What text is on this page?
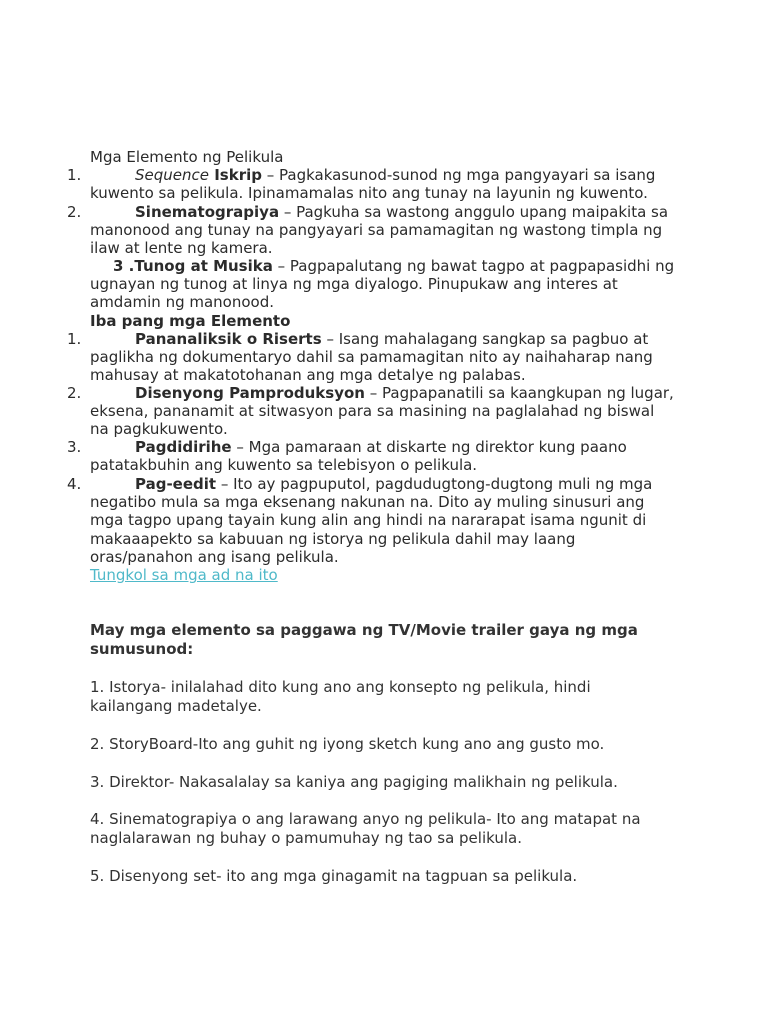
Mga Elemento ng Pelikula
1.	Sequence Iskrip – Pagkakasunod-sunod ng mga pangyayari sa isang
kuwento sa pelikula. Ipinamamalas nito ang tunay na layunin ng kuwento.
2.	Sinematograpiya – Pagkuha sa wastong anggulo upang maipakita sa
manonood ang tunay na pangyayari sa pamamagitan ng wastong timpla ng
ilaw at lente ng kamera.
3 .Tunog at Musika – Pagpapalutang ng bawat tagpo at pagpapasidhi ng
ugnayan ng tunog at linya ng mga diyalogo. Pinupukaw ang interes at
amdamin ng manonood.
Iba pang mga Elemento
1.	Pananaliksik o Riserts – Isang mahalagang sangkap sa pagbuo at
paglikha ng dokumentaryo dahil sa pamamagitan nito ay naihaharap nang
mahusay at makatotohanan ang mga detalye ng palabas.
2.	Disenyong Pamproduksyon – Pagpapanatili sa kaangkupan ng lugar,
eksena, pananamit at sitwasyon para sa masining na paglalahad ng biswal
na pagkukuwento.
3.	Pagdidirihe – Mga pamaraan at diskarte ng direktor kung paano
patatakbuhin ang kuwento sa telebisyon o pelikula.
4.	Pag-eedit – Ito ay pagpuputol, pagdudugtong-dugtong muli ng mga
negatibo mula sa mga eksenang nakunan na. Dito ay muling sinusuri ang
mga tagpo upang tayain kung alin ang hindi na nararapat isama ngunit di
makaaapekto sa kabuuan ng istorya ng pelikula dahil may laang
oras/panahon ang isang pelikula.
Tungkol sa mga ad na ito
May mga elemento sa paggawa ng TV/Movie trailer gaya ng mga
sumusunod:
1. Istorya- inilalahad dito kung ano ang konsepto ng pelikula, hindi
kailangang madetalye.
2. StoryBoard-Ito ang guhit ng iyong sketch kung ano ang gusto mo.
3. Direktor- Nakasalalay sa kaniya ang pagiging malikhain ng pelikula.
4. Sinematograpiya o ang larawang anyo ng pelikula- Ito ang matapat na
naglalarawan ng buhay o pamumuhay ng tao sa pelikula.
5. Disenyong set- ito ang mga ginagamit na tagpuan sa pelikula.
